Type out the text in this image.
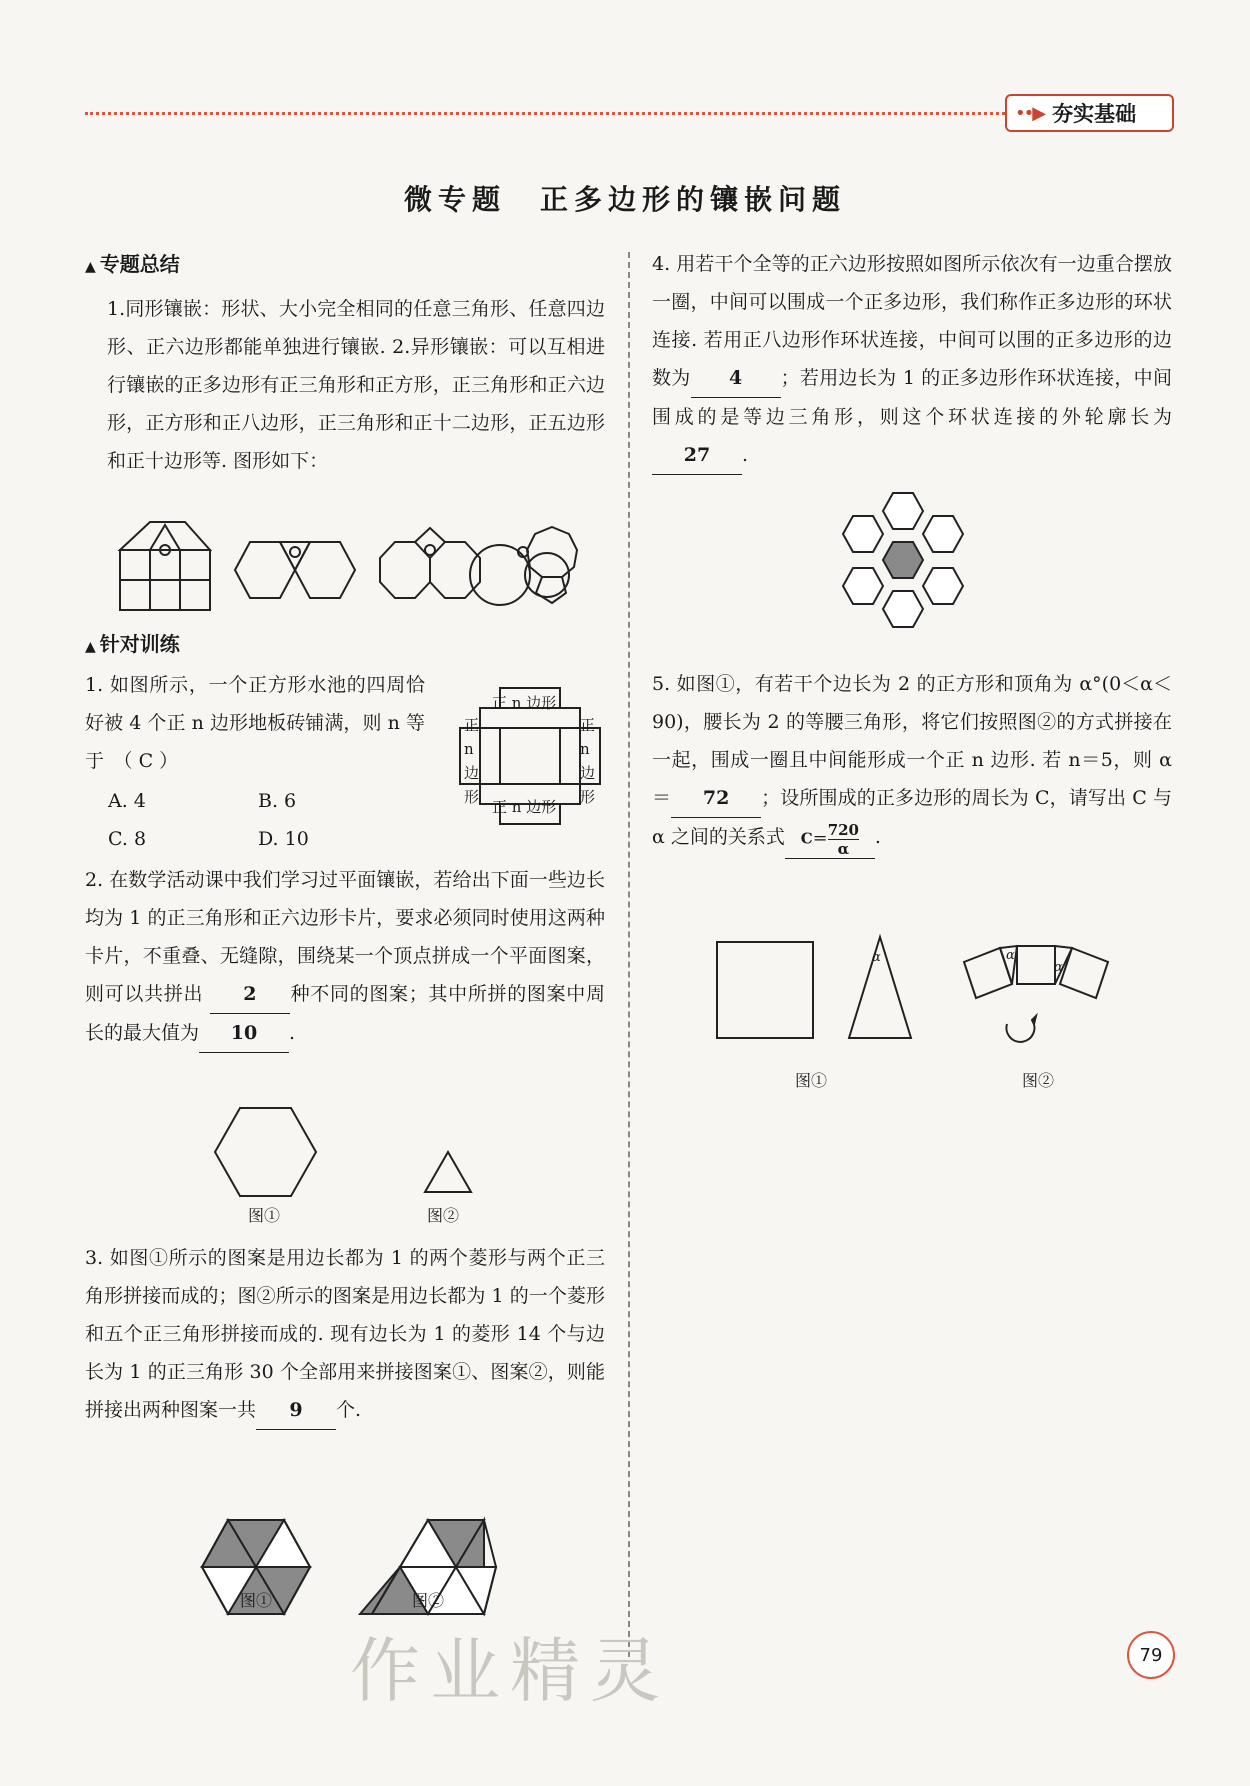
••▶ 夯实基础
微专题　正多边形的镶嵌问题
▲ 专题总结
1.同形镶嵌：形状、大小完全相同的任意三角形、任意四边形、正六边形都能单独进行镶嵌. 2.异形镶嵌：可以互相进行镶嵌的正多边形有正三角形和正方形，正三角形和正六边形，正方形和正八边形，正三角形和正十二边形，正五边形和正十边形等. 图形如下：
▲ 针对训练
1. 如图所示，一个正方形水池的四周恰好被 4 个正 n 边形地板砖铺满，则 n 等于　（ C ）
A. 4	B. 6
C. 8	D. 10
正 n 边形
正 n 边形
正n边形
正n边形
2. 在数学活动课中我们学习过平面镶嵌，若给出下面一些边长均为 1 的正三角形和正六边形卡片，要求必须同时使用这两种卡片，不重叠、无缝隙，围绕某一个顶点拼成一个平面图案，则可以共拼出 2 种不同的图案；其中所拼的图案中周长的最大值为 10 .
图①	图②
3. 如图①所示的图案是用边长都为 1 的两个菱形与两个正三角形拼接而成的；图②所示的图案是用边长都为 1 的一个菱形和五个正三角形拼接而成的. 现有边长为 1 的菱形 14 个与边长为 1 的正三角形 30 个全部用来拼接图案①、图案②，则能拼接出两种图案一共 9 个.
图①	图②
4. 用若干个全等的正六边形按照如图所示依次有一边重合摆放一圈，中间可以围成一个正多边形，我们称作正多边形的环状连接. 若用正八边形作环状连接，中间可以围的正多边形的边数为 4 ；若用边长为 1 的正多边形作环状连接，中间围成的是等边三角形，则这个环状连接的外轮廓长为27 .
5. 如图①，有若干个边长为 2 的正方形和顶角为 α°(0＜α＜90)，腰长为 2 的等腰三角形，将它们按照图②的方式拼接在一起，围成一圈且中间能形成一个正 n 边形. 若 n＝5，则 α＝ 72 ；设所围成的正多边形的周长为 C，请写出 C 与 α 之间的关系式 $C= \frac{720}{\alpha}$ .
α	α
α
图①	图②
作业精灵	79
